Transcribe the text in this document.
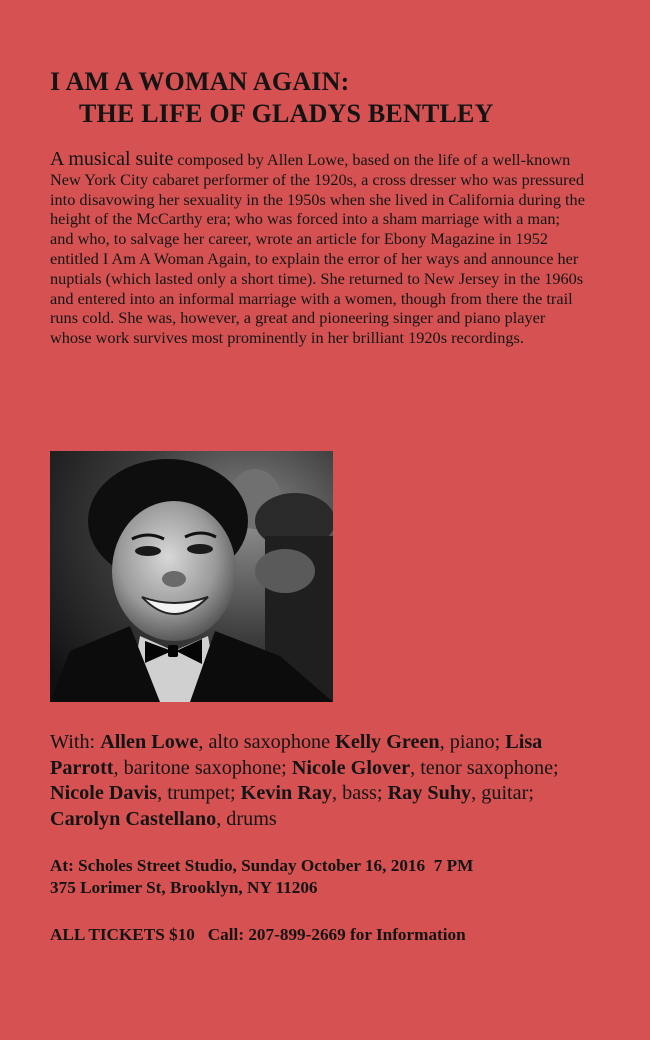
I AM A WOMAN AGAIN:
THE LIFE OF GLADYS BENTLEY

A musical suite composed by Allen Lowe, based on the life of a well-known New York City cabaret performer of the 1920s, a cross dresser who was pressured into disavowing her sexuality in the 1950s when she lived in California during the height of the McCarthy era; who was forced into a sham marriage with a man; and who, to salvage her career, wrote an article for Ebony Magazine in 1952 entitled I Am A Woman Again, to explain the error of her ways and announce her nuptials (which lasted only a short time). She returned to New Jersey in the 1960s and entered into an informal marriage with a women, though from there the trail runs cold. She was, however, a great and pioneering singer and piano player whose work survives most prominently in her brilliant 1920s recordings.

With: Allen Lowe, alto saxophone Kelly Green, piano; Lisa Parrott, baritone saxophone; Nicole Glover, tenor saxophone; Nicole Davis, trumpet; Kevin Ray, bass; Ray Suhy, guitar; Carolyn Castellano, drums

At: Scholes Street Studio, Sunday October 16, 2016  7 PM
375 Lorimer St, Brooklyn, NY 11206
ALL TICKETS $10   Call: 207-899-2669 for Information
